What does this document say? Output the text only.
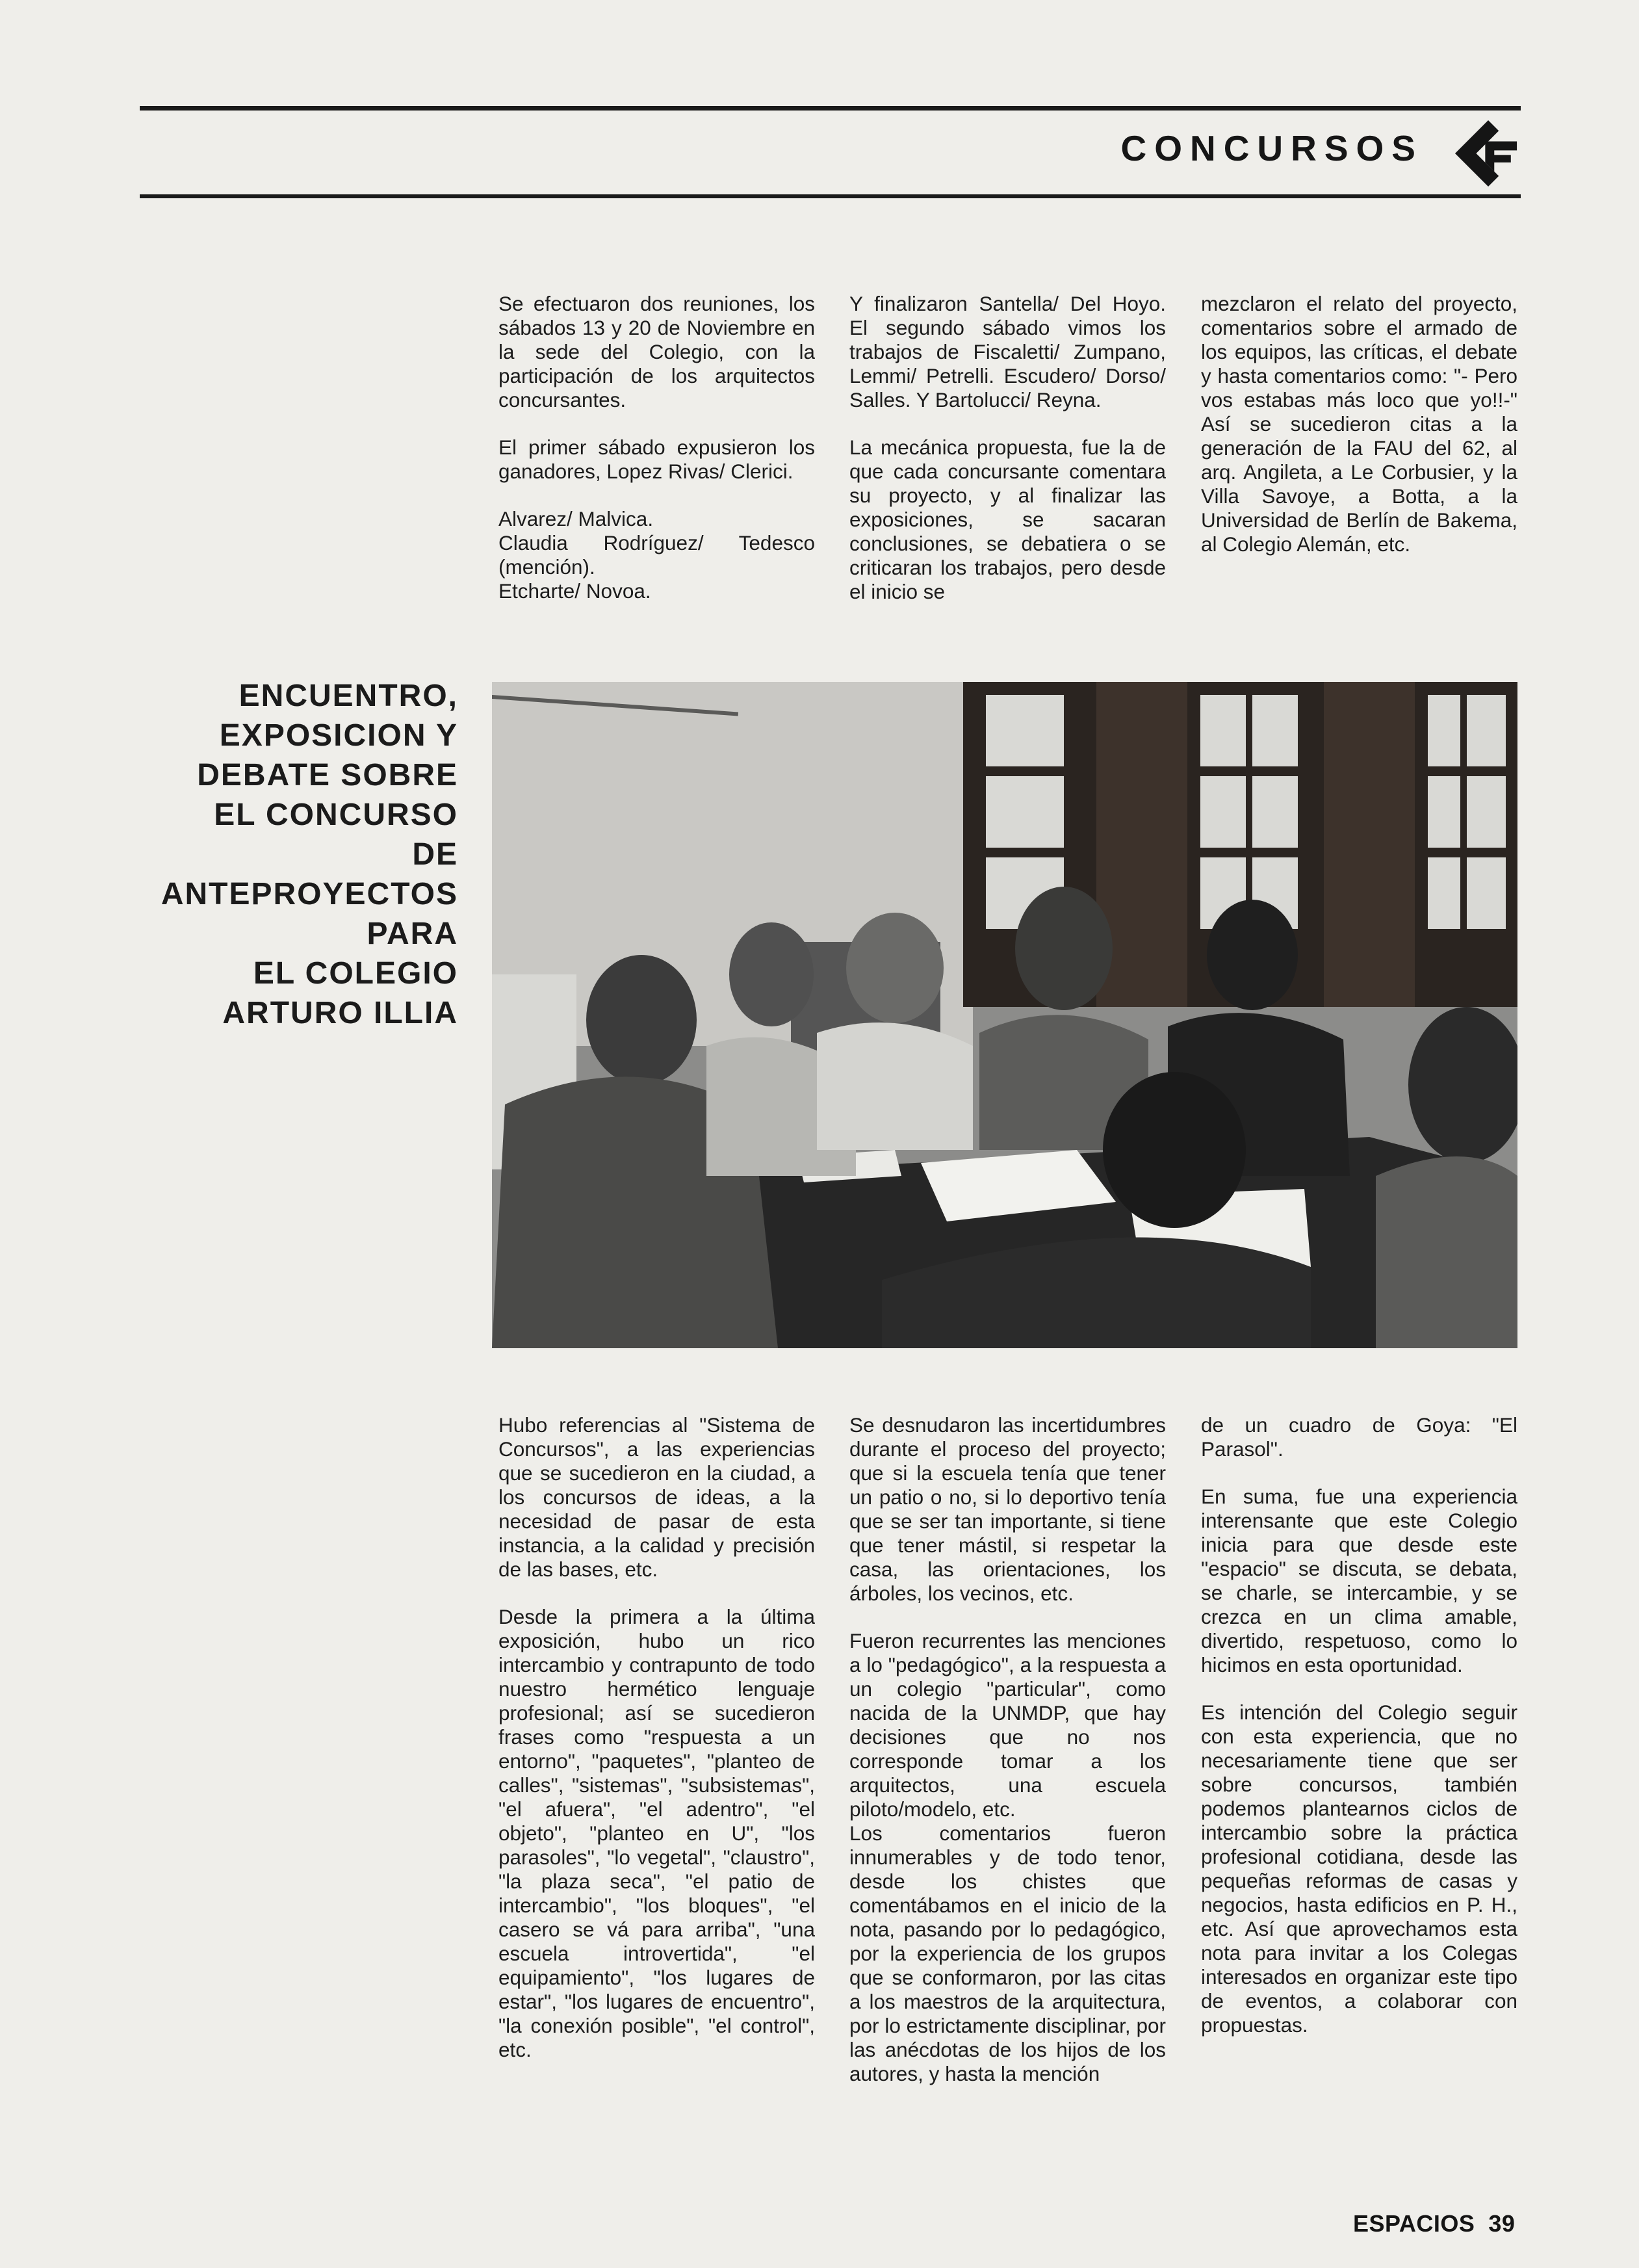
CONCURSOS

Se efectuaron dos reuniones, los sábados 13 y 20 de Noviembre en la sede del Colegio, con la participación de los arquitectos concursantes.

El primer sábado expusieron los ganadores, Lopez Rivas/ Clerici.

Alvarez/ Malvica.

Claudia Rodríguez/ Tedesco (mención).

Etcharte/ Novoa.

Y finalizaron Santella/ Del Hoyo. El segundo sábado vimos los trabajos de Fiscaletti/ Zumpano, Lemmi/ Petrelli. Escudero/ Dorso/ Salles. Y Bartolucci/ Reyna.

La mecánica propuesta, fue la de que cada concursante comentara su proyecto, y al finalizar las exposiciones, se sacaran conclusiones, se debatiera o se criticaran los trabajos, pero desde el inicio se

mezclaron el relato del proyecto, comentarios sobre el armado de los equipos, las críticas, el debate y hasta comentarios como: "- Pero vos estabas más loco que yo!!-" Así se sucedieron citas a la generación de la FAU del 62, al arq. Angileta, a Le Corbusier, y la Villa Savoye, a Botta, a la Universidad de Berlín de Bakema, al Colegio Alemán, etc.

ENCUENTRO,
EXPOSICION Y
DEBATE SOBRE
EL CONCURSO
DE
ANTEPROYECTOS
PARA
EL COLEGIO
ARTURO ILLIA

Hubo referencias al "Sistema de Concursos", a las experiencias que se sucedieron en la ciudad, a los concursos de ideas, a la necesidad de pasar de esta instancia, a la calidad y precisión de las bases, etc.

Desde la primera a la última exposición, hubo un rico intercambio y contrapunto de todo nuestro hermético lenguaje profesional; así se sucedieron frases como "respuesta a un entorno", "paquetes", "planteo de calles", "sistemas", "subsistemas", "el afuera", "el adentro", "el objeto", "planteo en U", "los parasoles", "lo vegetal", "claustro", "la plaza seca", "el patio de intercambio", "los bloques", "el casero se vá para arriba", "una escuela introvertida", "el equipamiento", "los lugares de estar", "los lugares de encuentro", "la conexión posible", "el control", etc.

Se desnudaron las incertidumbres durante el proceso del proyecto; que si la escuela tenía que tener un patio o no, si lo deportivo tenía que se ser tan importante, si tiene que tener mástil, si respetar la casa, las orientaciones, los árboles, los vecinos, etc.

Fueron recurrentes las menciones a lo "pedagógico", a la respuesta a un colegio "particular", como nacida de la UNMDP, que hay decisiones que no nos corresponde tomar a los arquitectos, una escuela piloto/modelo, etc.

Los comentarios fueron innumerables y de todo tenor, desde los chistes que comentábamos en el inicio de la nota, pasando por lo pedagógico, por la experiencia de los grupos que se conformaron, por las citas a los maestros de la arquitectura, por lo estrictamente disciplinar, por las anécdotas de los hijos de los autores, y hasta la mención

de un cuadro de Goya: "El Parasol".

En suma, fue una experiencia interensante que este Colegio inicia para que desde este "espacio" se discuta, se debata, se charle, se intercambie, y se crezca en un clima amable, divertido, respetuoso, como lo hicimos en esta oportunidad.

Es intención del Colegio seguir con esta experiencia, que no necesariamente tiene que ser sobre concursos, también podemos plantearnos ciclos de intercambio sobre la práctica profesional cotidiana, desde las pequeñas reformas de casas y negocios, hasta edificios en P. H., etc. Así que aprovechamos esta nota para invitar a los Colegas interesados en organizar este tipo de eventos, a colaborar con propuestas.

ESPACIOS  39
